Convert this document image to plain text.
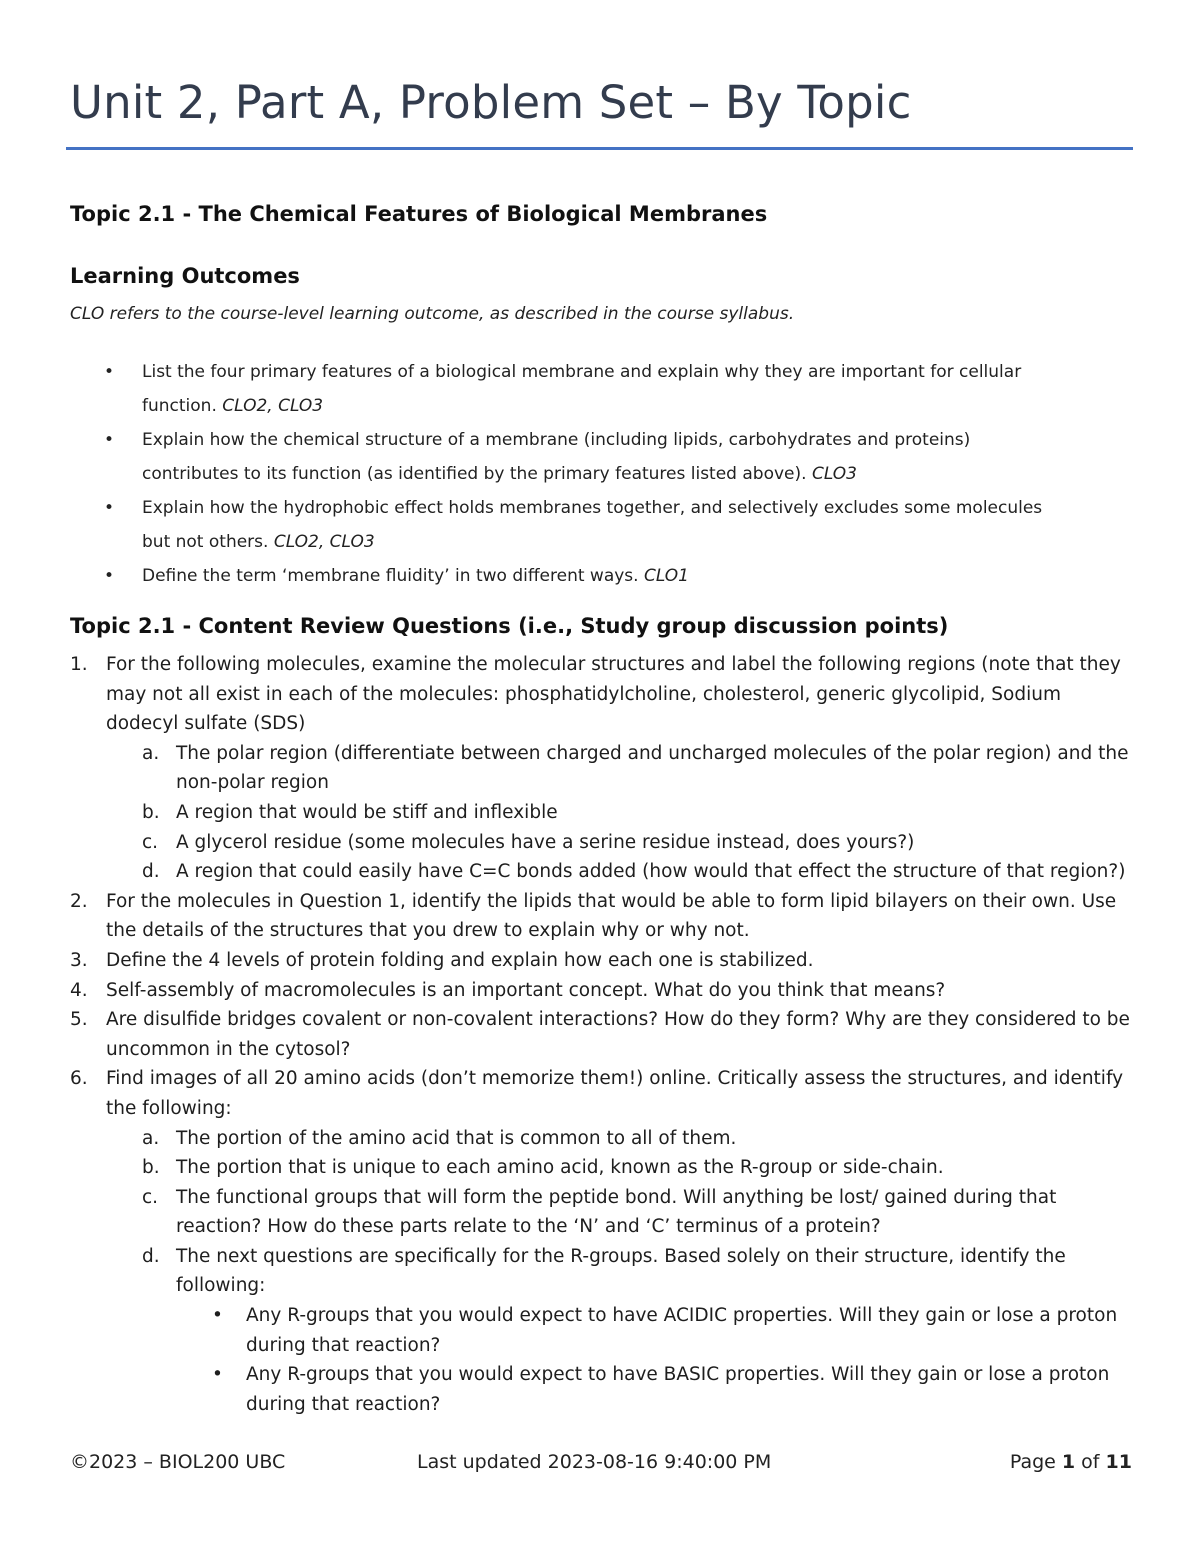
Unit 2, Part A, Problem Set – By Topic
Topic 2.1 - The Chemical Features of Biological Membranes
Learning Outcomes
CLO refers to the course-level learning outcome, as described in the course syllabus.
• List the four primary features of a biological membrane and explain why they are important for cellular function. CLO2, CLO3
• Explain how the chemical structure of a membrane (including lipids, carbohydrates and proteins) contributes to its function (as identified by the primary features listed above). CLO3
• Explain how the hydrophobic effect holds membranes together, and selectively excludes some molecules but not others. CLO2, CLO3
• Define the term ‘membrane fluidity’ in two different ways. CLO1
Topic 2.1 - Content Review Questions (i.e., Study group discussion points)
1. For the following molecules, examine the molecular structures and label the following regions (note that they may not all exist in each of the molecules: phosphatidylcholine, cholesterol, generic glycolipid, Sodium dodecyl sulfate (SDS)
a. The polar region (differentiate between charged and uncharged molecules of the polar region) and the non-polar region
b. A region that would be stiff and inflexible
c. A glycerol residue (some molecules have a serine residue instead, does yours?)
d. A region that could easily have C=C bonds added (how would that effect the structure of that region?)
2. For the molecules in Question 1, identify the lipids that would be able to form lipid bilayers on their own. Use the details of the structures that you drew to explain why or why not.
3. Define the 4 levels of protein folding and explain how each one is stabilized.
4. Self-assembly of macromolecules is an important concept. What do you think that means?
5. Are disulfide bridges covalent or non-covalent interactions? How do they form? Why are they considered to be uncommon in the cytosol?
6. Find images of all 20 amino acids (don’t memorize them!) online. Critically assess the structures, and identify the following:
a. The portion of the amino acid that is common to all of them.
b. The portion that is unique to each amino acid, known as the R-group or side-chain.
c. The functional groups that will form the peptide bond. Will anything be lost/ gained during that reaction? How do these parts relate to the ‘N’ and ‘C’ terminus of a protein?
d. The next questions are specifically for the R-groups. Based solely on their structure, identify the following:
• Any R-groups that you would expect to have ACIDIC properties. Will they gain or lose a proton during that reaction?
• Any R-groups that you would expect to have BASIC properties. Will they gain or lose a proton during that reaction?
©2023 – BIOL200 UBC	Last updated 2023-08-16 9:40:00 PM	Page 1 of 11
